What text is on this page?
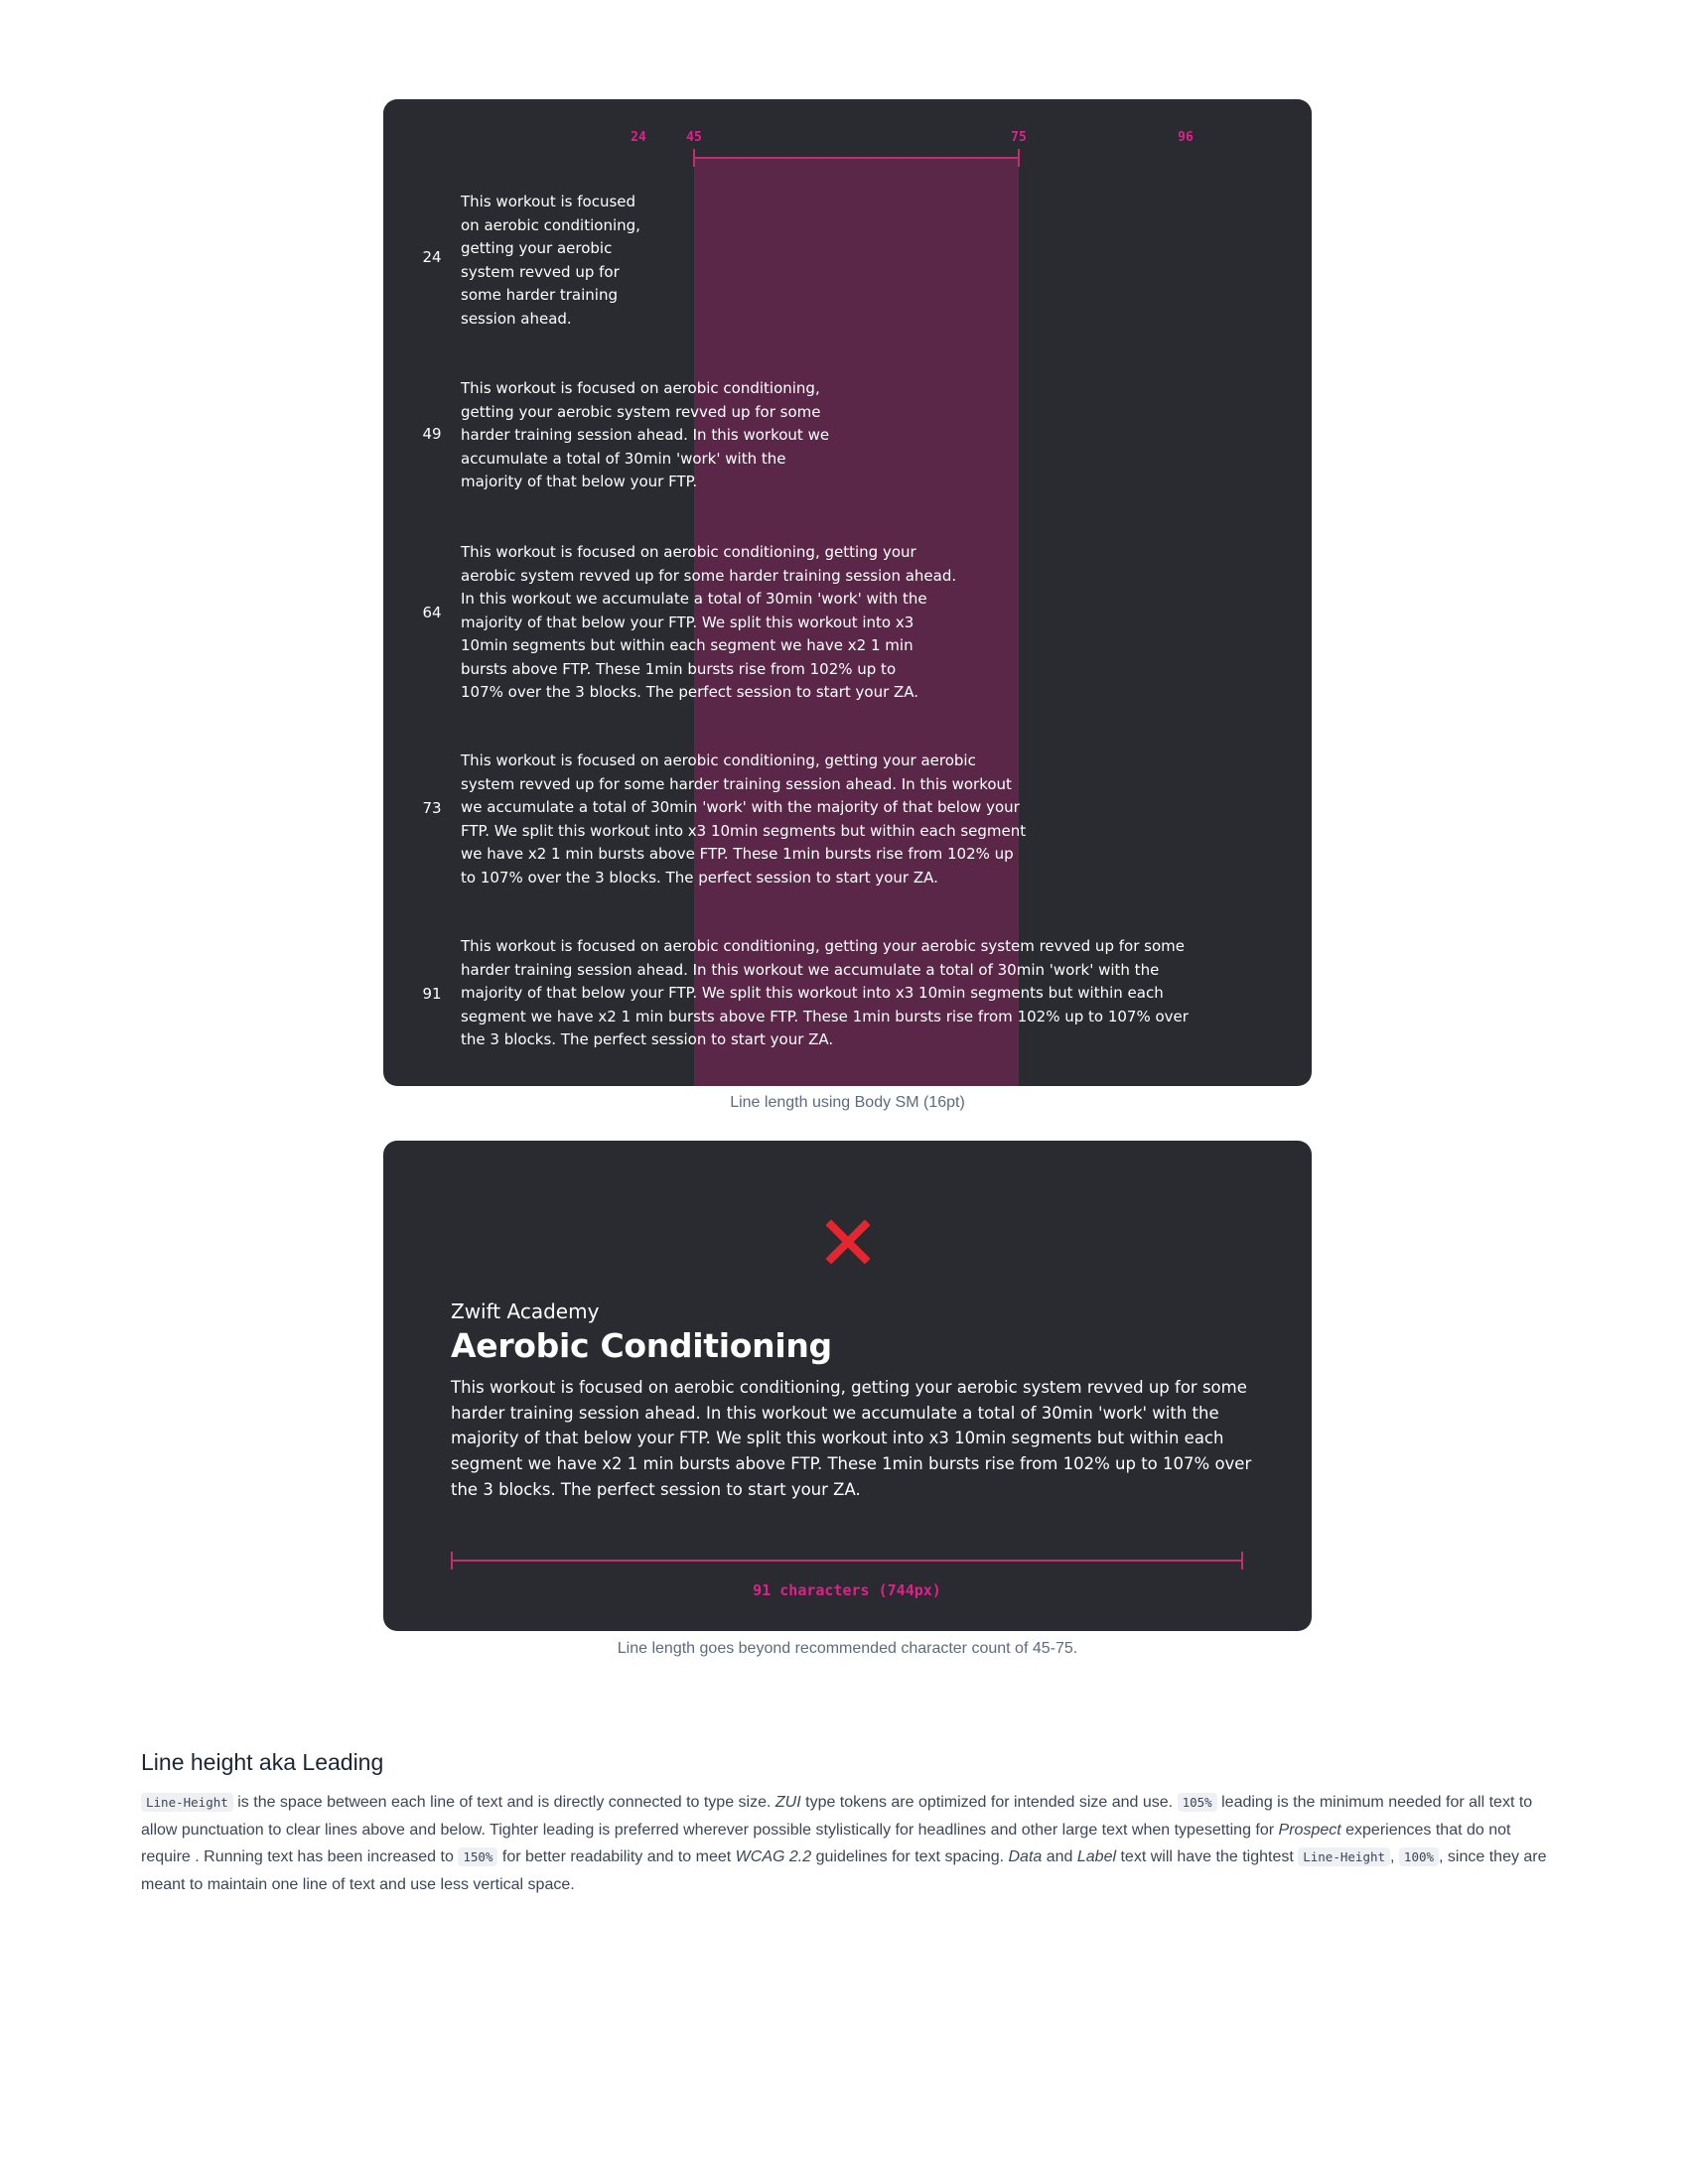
24	45	75	96
24

This workout is focused
on aerobic conditioning,
getting your aerobic
system revved up for
some harder training
session ahead.

49

This workout is focused on aerobic conditioning,
getting your aerobic system revved up for some
harder training session ahead. In this workout we
accumulate a total of 30min 'work' with the
majority of that below your FTP.

64

This workout is focused on aerobic conditioning, getting your
aerobic system revved up for some harder training session ahead.
In this workout we accumulate a total of 30min 'work' with the
majority of that below your FTP. We split this workout into x3
10min segments but within each segment we have x2 1 min
bursts above FTP. These 1min bursts rise from 102% up to
107% over the 3 blocks. The perfect session to start your ZA.

73

This workout is focused on aerobic conditioning, getting your aerobic
system revved up for some harder training session ahead. In this workout
we accumulate a total of 30min 'work' with the majority of that below your
FTP. We split this workout into x3 10min segments but within each segment
we have x2 1 min bursts above FTP. These 1min bursts rise from 102% up
to 107% over the 3 blocks. The perfect session to start your ZA.

91

This workout is focused on aerobic conditioning, getting your aerobic system revved up for some
harder training session ahead. In this workout we accumulate a total of 30min 'work' with the
majority of that below your FTP. We split this workout into x3 10min segments but within each
segment we have x2 1 min bursts above FTP. These 1min bursts rise from 102% up to 107% over
the 3 blocks. The perfect session to start your ZA.

Line length using Body SM (16pt)
Zwift Academy
Aerobic Conditioning

This workout is focused on aerobic conditioning, getting your aerobic system revved up for some
harder training session ahead. In this workout we accumulate a total of 30min 'work' with the
majority of that below your FTP. We split this workout into x3 10min segments but within each
segment we have x2 1 min bursts above FTP. These 1min bursts rise from 102% up to 107% over
the 3 blocks. The perfect session to start your ZA.

91 characters (744px)
Line length goes beyond recommended character count of 45-75.
Line height aka Leading

Line-Height is the space between each line of text and is directly connected to type size. ZUI type tokens are optimized for intended size and use. 105% leading is the minimum needed for all text to allow punctuation to clear lines above and below. Tighter leading is preferred wherever possible stylistically for headlines and other large text when typesetting for Prospect experiences that do not require . Running text has been increased to 150% for better readability and to meet WCAG 2.2 guidelines for text spacing. Data and Label text will have the tightest Line-Height , 100% , since they are meant to maintain one line of text and use less vertical space.
